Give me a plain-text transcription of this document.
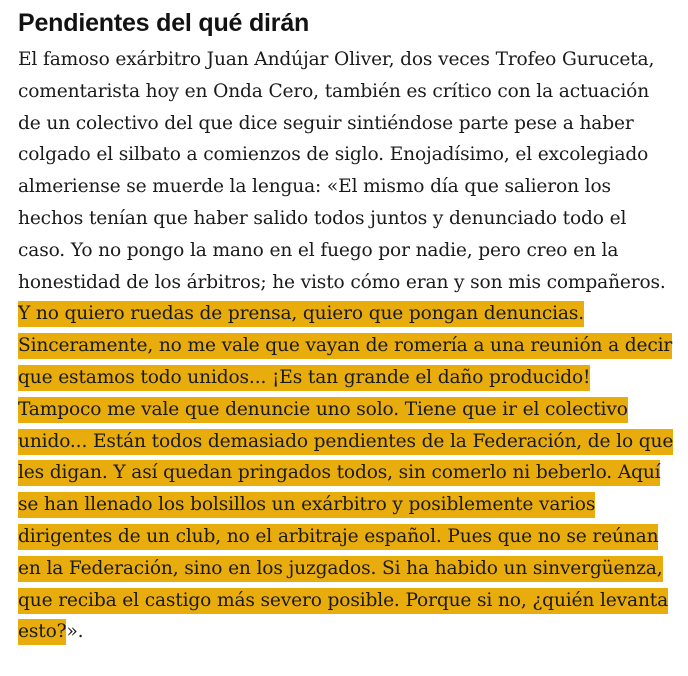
Pendientes del qué dirán

El famoso exárbitro Juan Andújar Oliver, dos veces Trofeo Guruceta, comentarista hoy en Onda Cero, también es crítico con la actuación de un colectivo del que dice seguir sintiéndose parte pese a haber colgado el silbato a comienzos de siglo. Enojadísimo, el excolegiado almeriense se muerde la lengua: «El mismo día que salieron los hechos tenían que haber salido todos juntos y denunciado todo el caso. Yo no pongo la mano en el fuego por nadie, pero creo en la honestidad de los árbitros; he visto cómo eran y son mis compañeros. Y no quiero ruedas de prensa, quiero que pongan denuncias. Sinceramente, no me vale que vayan de romería a una reunión a decir que estamos todo unidos... ¡Es tan grande el daño producido! Tampoco me vale que denuncie uno solo. Tiene que ir el colectivo unido... Están todos demasiado pendientes de la Federación, de lo que les digan. Y así quedan pringados todos, sin comerlo ni beberlo. Aquí se han llenado los bolsillos un exárbitro y posiblemente varios dirigentes de un club, no el arbitraje español. Pues que no se reúnan en la Federación, sino en los juzgados. Si ha habido un sinvergüenza, que reciba el castigo más severo posible. Porque si no, ¿quién levanta esto?».
